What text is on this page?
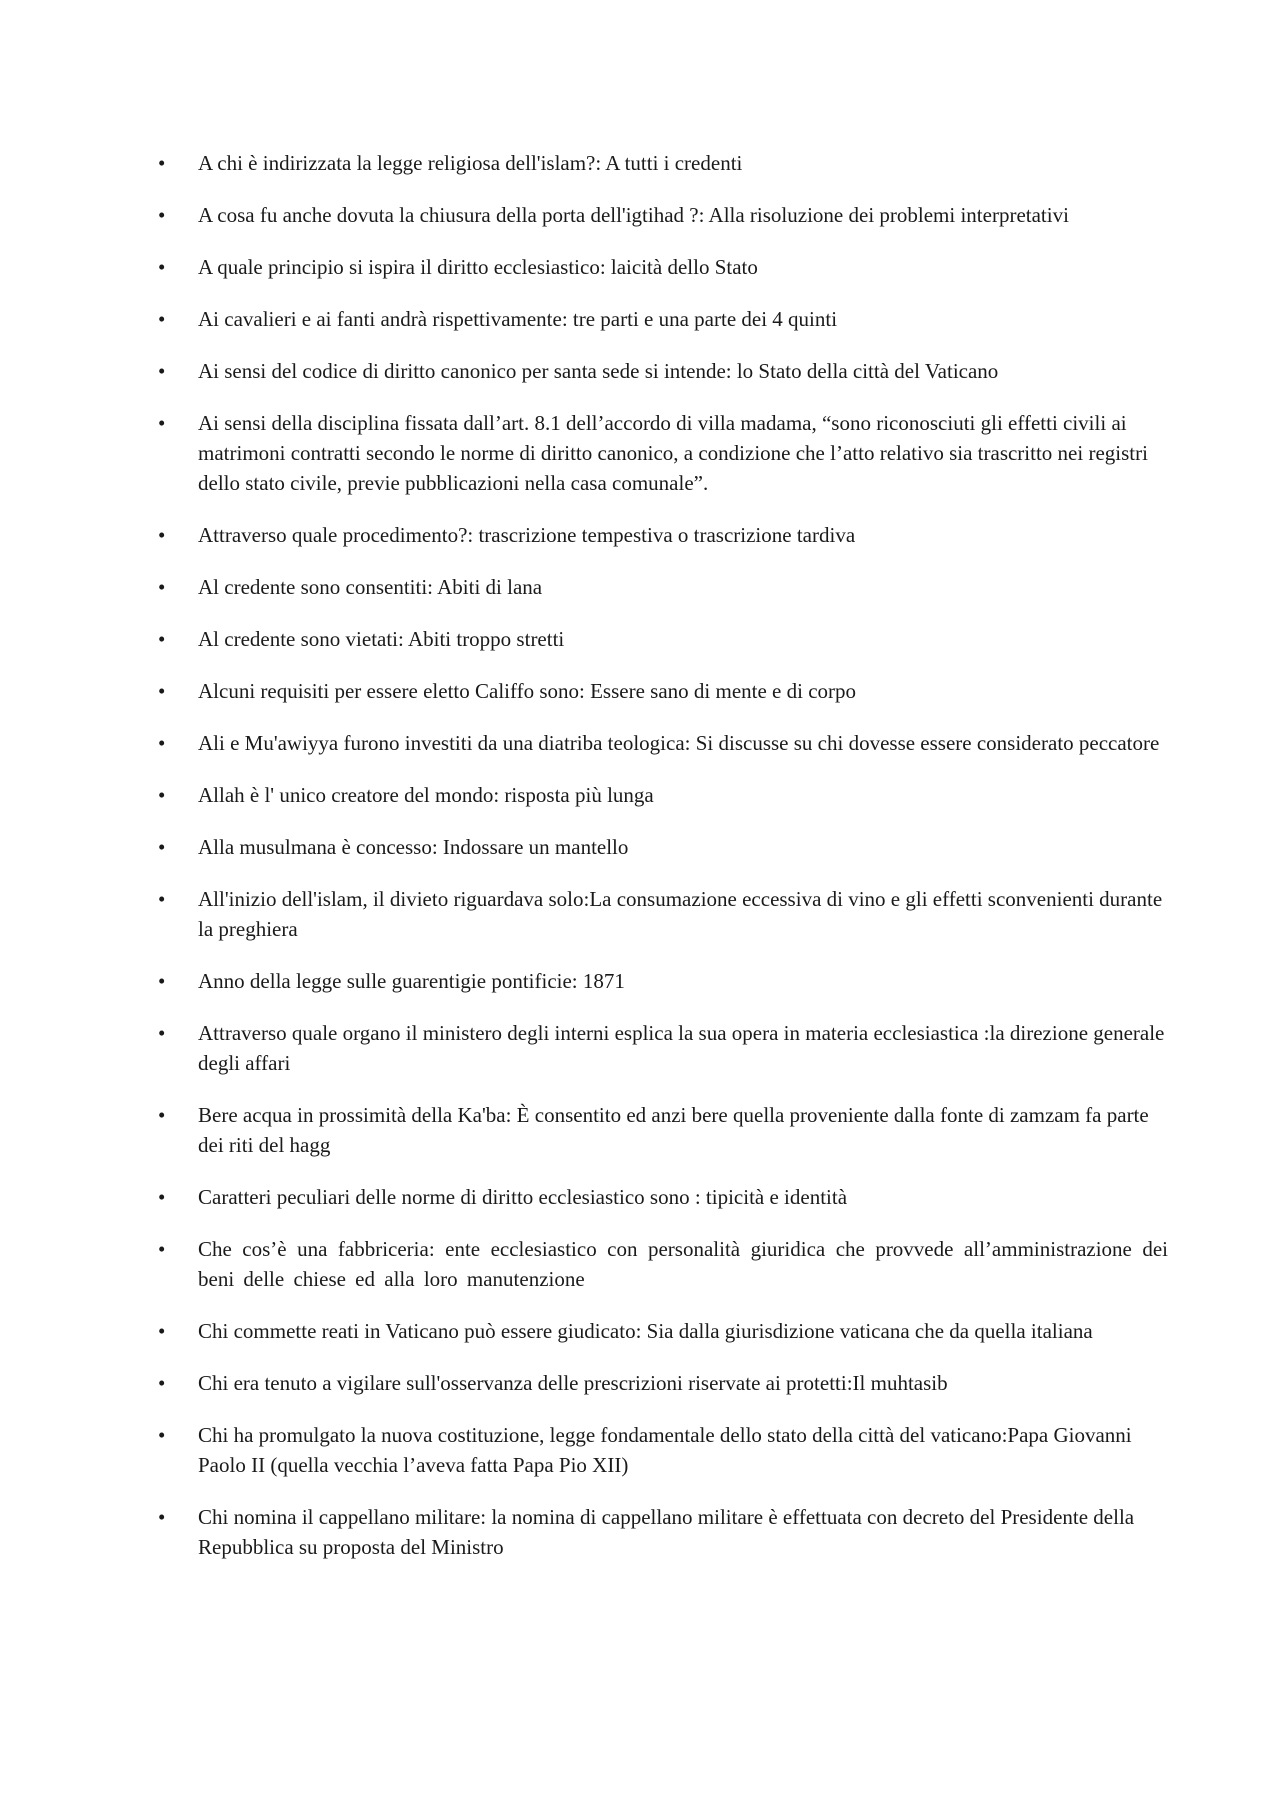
•	A chi è indirizzata la legge religiosa dell'islam?: A tutti i credenti
•	A cosa fu anche dovuta la chiusura della porta dell'igtihad ?: Alla risoluzione dei problemi interpretativi
•	A quale principio si ispira il diritto ecclesiastico: laicità dello Stato
•	Ai cavalieri e ai fanti andrà rispettivamente: tre parti e una parte dei 4 quinti
•	Ai sensi del codice di diritto canonico per santa sede si intende: lo Stato della città del Vaticano
•	Ai sensi della disciplina fissata dall’art. 8.1 dell’accordo di villa madama, “sono riconosciuti gli effetti civili ai matrimoni contratti secondo le norme di diritto canonico, a condizione che l’atto relativo sia trascritto nei registri dello stato civile, previe pubblicazioni nella casa comunale”.
•	Attraverso quale procedimento?: trascrizione tempestiva o trascrizione tardiva
•	Al credente sono consentiti: Abiti di lana
•	Al credente sono vietati: Abiti troppo stretti
•	Alcuni requisiti per essere eletto Califfo sono: Essere sano di mente e di corpo
•	Ali e Mu'awiyya furono investiti da una diatriba teologica: Si discusse su chi dovesse essere considerato peccatore
•	Allah è l' unico creatore del mondo: risposta più lunga
•	Alla musulmana è concesso: Indossare un mantello
•	All'inizio dell'islam, il divieto riguardava solo:La consumazione eccessiva di vino e gli effetti sconvenienti durante la preghiera
•	Anno della legge sulle guarentigie pontificie: 1871
•	Attraverso quale organo il ministero degli interni esplica la sua opera in materia ecclesiastica :la direzione generale degli affari
•	Bere acqua in prossimità della Ka'ba: È consentito ed anzi bere quella proveniente dalla fonte di zamzam fa parte dei riti del hagg
•	Caratteri peculiari delle norme di diritto ecclesiastico sono : tipicità e identità
•	Che cos’è una fabbriceria: ente ecclesiastico con personalità giuridica che provvede all’amministrazione dei beni delle chiese ed alla loro manutenzione
•	Chi commette reati in Vaticano può essere giudicato: Sia dalla giurisdizione vaticana che da quella italiana
•	Chi era tenuto a vigilare sull'osservanza delle prescrizioni riservate ai protetti:Il muhtasib
•	Chi ha promulgato la nuova costituzione, legge fondamentale dello stato della città del vaticano:Papa Giovanni Paolo II (quella vecchia l’aveva fatta Papa Pio XII)
•	Chi nomina il cappellano militare: la nomina di cappellano militare è effettuata con decreto del Presidente della Repubblica su proposta del Ministro
